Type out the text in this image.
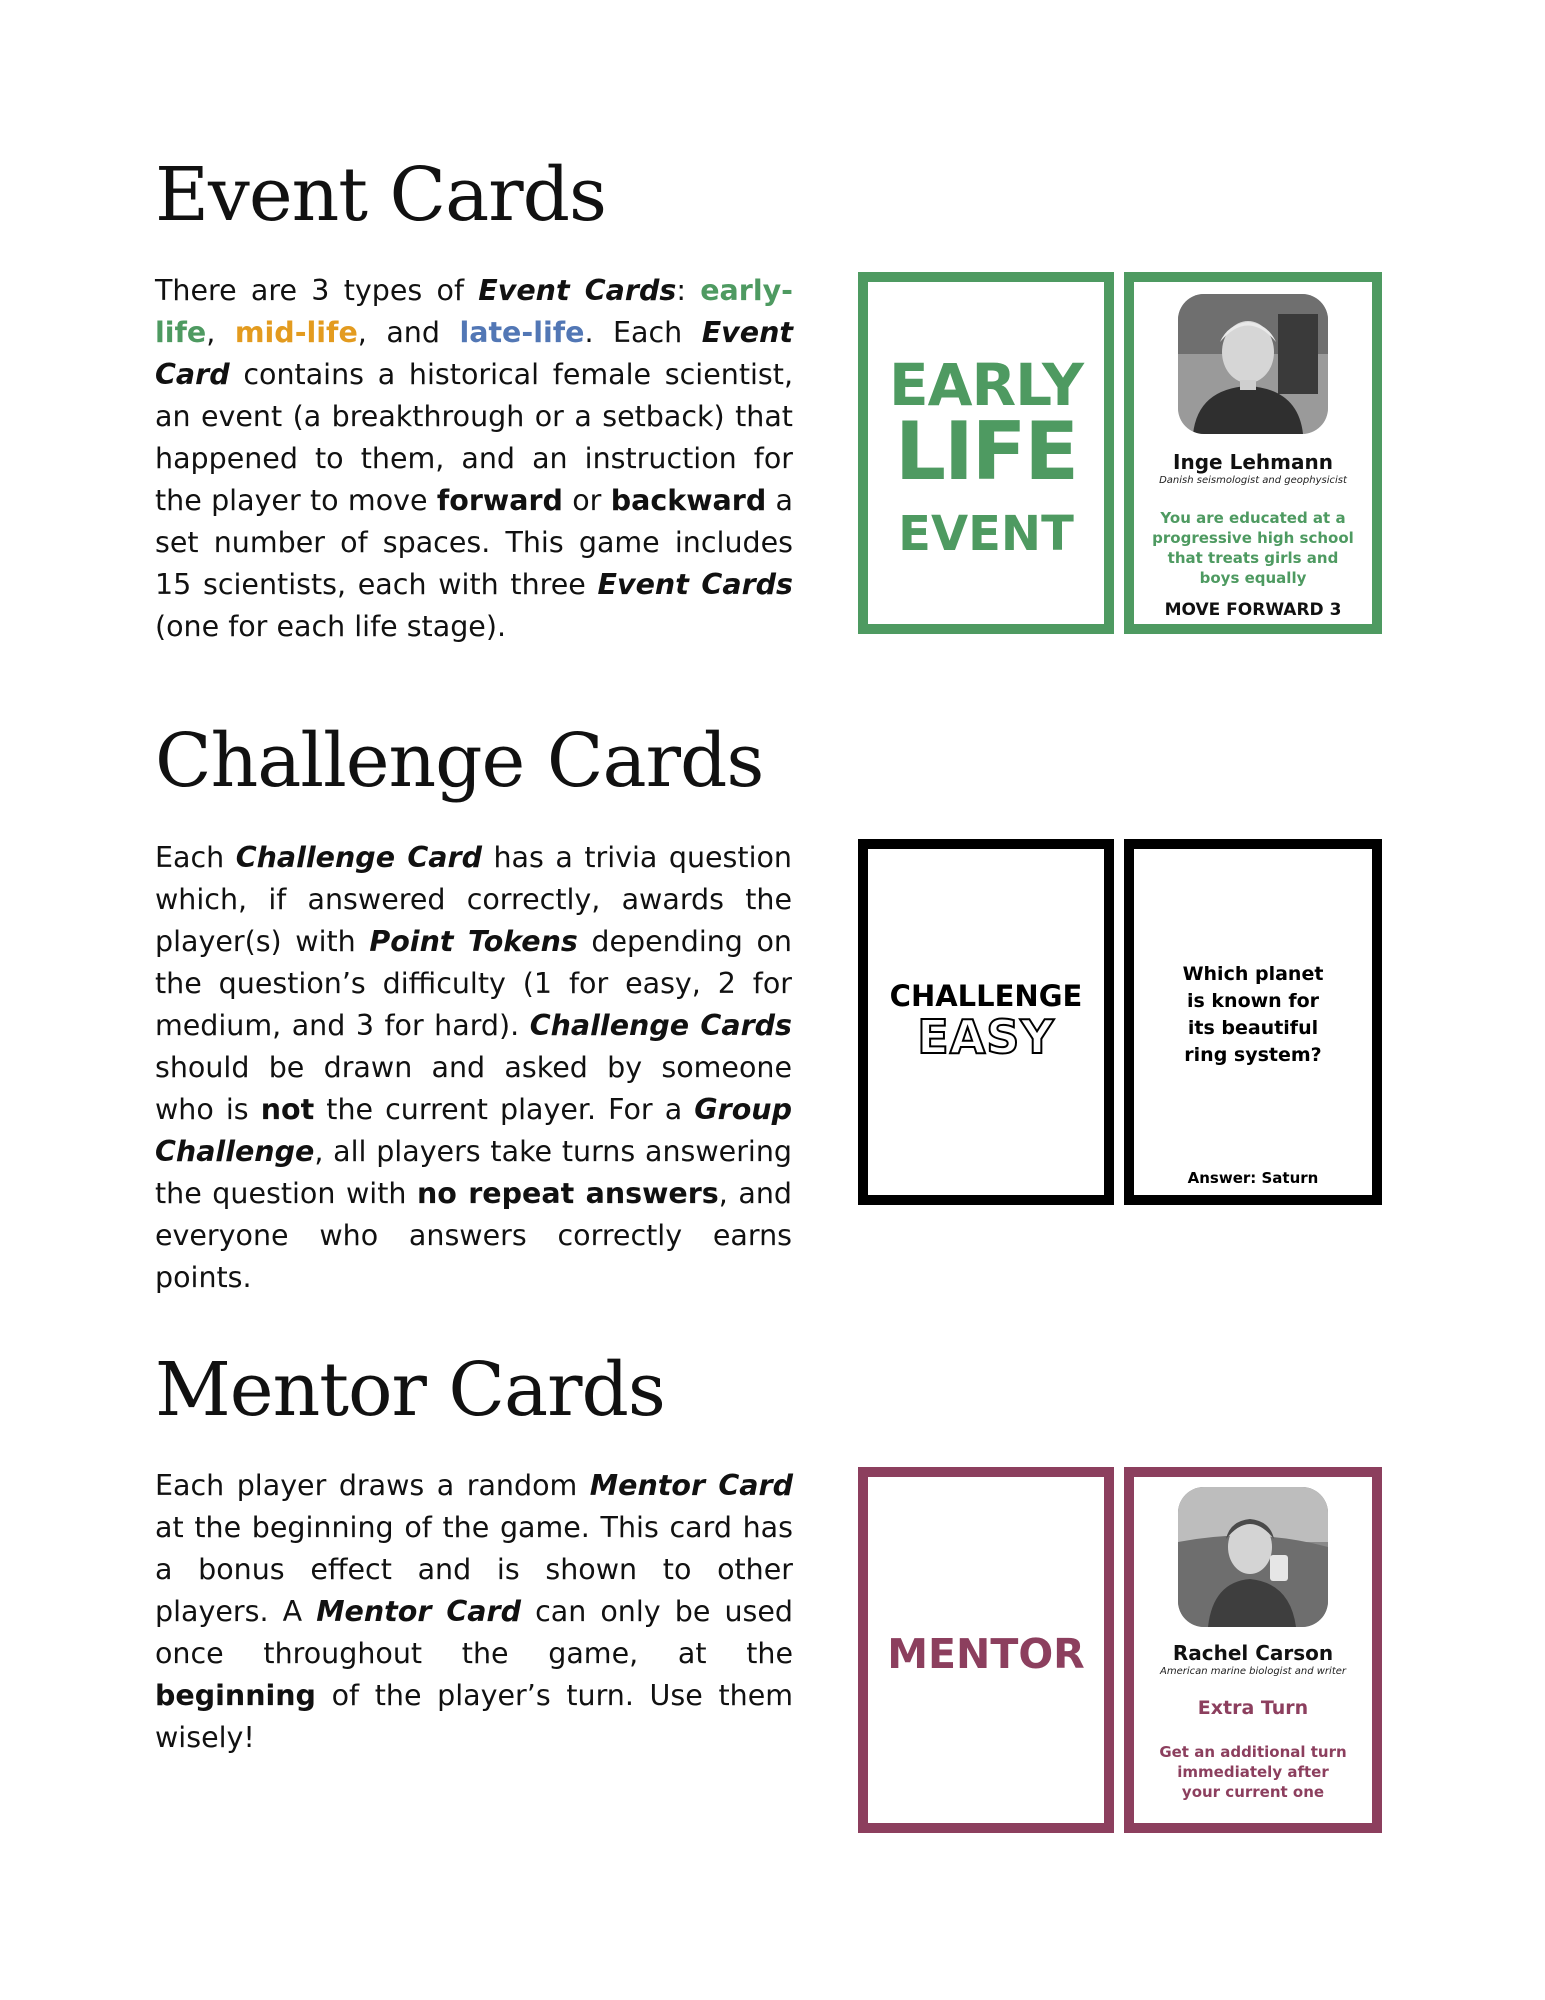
Event Cards

There are 3 types of Event Cards: early-life, mid-life, and late-life. Each Event Card contains a historical female scientist, an event (a breakthrough or a setback) that happened to them, and an instruction for the player to move forward or backward a set number of spaces. This game includes 15 scientists, each with three Event Cards (one for each life stage).

EARLY
LIFE
EVENT
Inge Lehmann
Danish seismologist and geophysicist
You are educated at a progressive high school that treats girls and boys equally
MOVE FORWARD 3
Challenge Cards

Each Challenge Card has a trivia question which, if answered correctly, awards the player(s) with Point Tokens depending on the question’s difficulty (1 for easy, 2 for medium, and 3 for hard). Challenge Cards should be drawn and asked by someone who is not the current player. For a Group Challenge, all players take turns answering the question with no repeat answers, and everyone who answers correctly earns points.

CHALLENGE
EASY
Which planet is known for its beautiful ring system?
Answer: Saturn
Mentor Cards

Each player draws a random Mentor Card at the beginning of the game. This card has a bonus effect and is shown to other players. A Mentor Card can only be used once throughout the game, at the beginning of the player’s turn. Use them wisely!

MENTOR	Rachel Carson
American marine biologist and writer
Extra Turn
Get an additional turn immediately after your current one
